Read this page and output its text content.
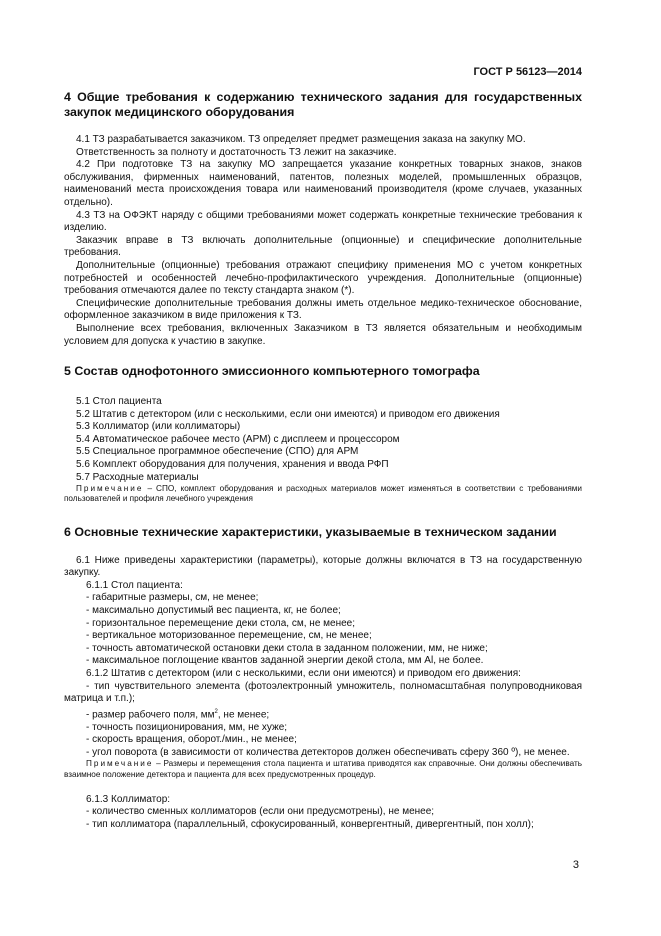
ГОСТ Р 56123—2014
4 Общие требования к содержанию технического задания для государственных закупок медицинского оборудования

4.1 ТЗ разрабатывается заказчиком. ТЗ определяет предмет размещения заказа на закупку МО.

Ответственность за полноту и достаточность ТЗ лежит на заказчике.

4.2 При подготовке ТЗ на закупку МО запрещается указание конкретных товарных знаков, знаков обслуживания, фирменных наименований, патентов, полезных моделей, промышленных образцов, наименований места происхождения товара или наименований производителя (кроме случаев, указанных отдельно).

4.3 ТЗ на ОФЭКТ наряду с общими требованиями может содержать конкретные технические требования к изделию.

Заказчик вправе в ТЗ включать дополнительные (опционные) и специфические дополнительные требования.

Дополнительные (опционные) требования отражают специфику применения МО с учетом конкретных потребностей и особенностей лечебно-профилактического учреждения. Дополнительные (опционные) требования отмечаются далее по тексту стандарта знаком (*).

Специфические дополнительные требования должны иметь отдельное медико-техническое обоснование, оформленное заказчиком в виде приложения к ТЗ.

Выполнение всех требования, включенных Заказчиком в ТЗ является обязательным и необходимым условием для допуска к участию в закупке.

5 Состав однофотонного эмиссионного компьютерного томографа

5.1 Стол пациента

5.2 Штатив с детектором (или с несколькими, если они имеются) и приводом его движения

5.3 Коллиматор (или коллиматоры)

5.4 Автоматическое рабочее место (АРМ) с дисплеем и процессором

5.5 Специальное программное обеспечение (СПО) для АРМ

5.6 Комплект оборудования для получения, хранения и ввода РФП

5.7 Расходные материалы

Примечание – СПО, комплект оборудования и расходных материалов может изменяться в соответствии с требованиями пользователей и профиля лечебного учреждения

6 Основные технические характеристики, указываемые в техническом задании

6.1 Ниже приведены характеристики (параметры), которые должны включатся в ТЗ на государственную закупку.

6.1.1 Стол пациента:

- габаритные размеры, см, не менее;

- максимально допустимый вес пациента, кг, не более;

- горизонтальное перемещение деки стола, см, не менее;

- вертикальное моторизованное перемещение, см, не менее;

- точность автоматической остановки деки стола в заданном положении, мм, не ниже;

- максимальное поглощение квантов заданной энергии декой стола, мм Al, не более.

6.1.2 Штатив с детектором (или с несколькими, если они имеются) и приводом его движения:

- тип чувствительного элемента (фотоэлектронный умножитель, полномасштабная полупроводниковая матрица и т.п.);

- размер рабочего поля, $мм^2$, не менее;

- точность позиционирования, мм, не хуже;

- скорость вращения, оборот./мин., не менее;

- угол поворота (в зависимости от количества детекторов должен обеспечивать сферу 360 º), не менее.

Примечание – Размеры и перемещения стола пациента и штатива приводятся как справочные. Они должны обеспечивать взаимное положение детектора и пациента для всех предусмотренных процедур.

6.1.3 Коллиматор:

- количество сменных коллиматоров (если они предусмотрены), не менее;

- тип коллиматора (параллельный, сфокусированный, конвергентный, дивергентный, пон холл);

3
